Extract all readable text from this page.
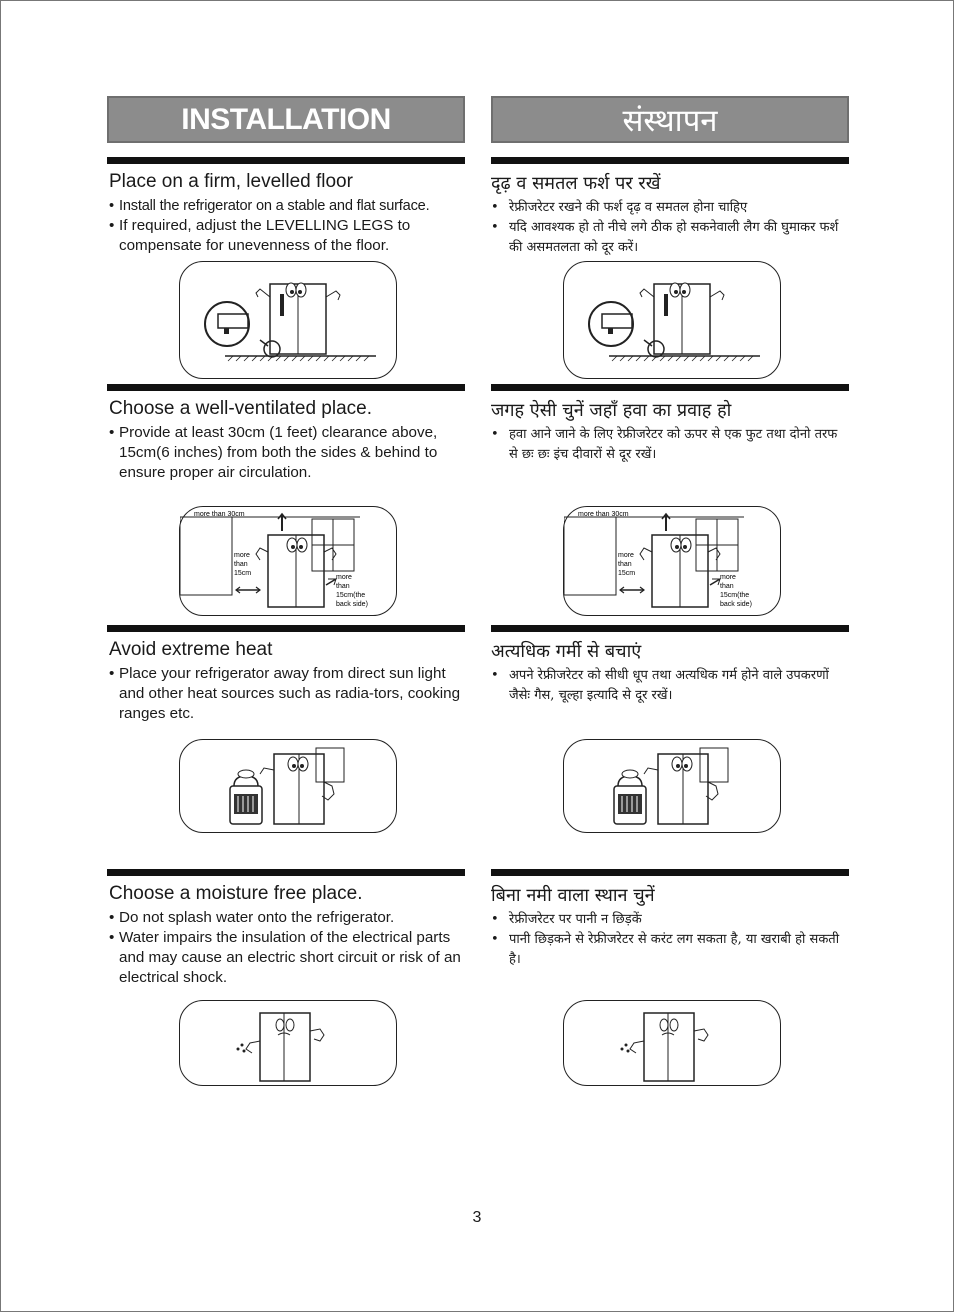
INSTALLATION
Place on a firm, levelled floor
• Install the refrigerator on a stable and flat surface.
• If required, adjust the LEVELLING LEGS to compensate for unevenness of the floor.
Choose a well-ventilated place.
• Provide at least 30cm (1 feet) clearance above, 15cm(6 inches) from both the sides & behind to ensure proper air circulation.
more than 30cm
more
than
15cm
more
than
15cm(the
back side)
Avoid extreme heat
• Place your refrigerator away from direct sun light and other heat sources such as radia-tors, cooking ranges etc.
Choose a moisture free place.
• Do not splash water onto the refrigerator.
• Water impairs the insulation of the electrical parts and may cause an electric short circuit or risk of an electrical shock.
संस्थापन
दृढ़ व समतल फर्श पर रखें
• रेफ्रीजरेटर रखने की फर्श दृढ़ व समतल होना चाहिए
• यदि आवश्यक हो तो नीचे लगे ठीक हो सकनेवाली लैग की घुमाकर फर्श की असमतलता को दूर करें।
जगह ऐसी चुनें जहाँ हवा का प्रवाह हो
• हवा आने जाने के लिए रेफ्रीजरेटर को ऊपर से एक फुट तथा दोनो तरफ से छः छः इंच दीवारों से दूर रखें।
more than 30cm
more
than
15cm
more
than
15cm(the
back side)
अत्यधिक गर्मी से बचाएं
• अपने रेफ्रीजरेटर को सीधी धूप तथा अत्यधिक गर्म होने वाले उपकरणों जैसेः गैस, चूल्हा इत्यादि से दूर रखें।
बिना नमी वाला स्थान चुनें
• रेफ्रीजरेटर पर पानी न छिड़कें
• पानी छिड़कने से रेफ्रीजरेटर से करंट लग सकता है, या खराबी हो सकती है।
3
